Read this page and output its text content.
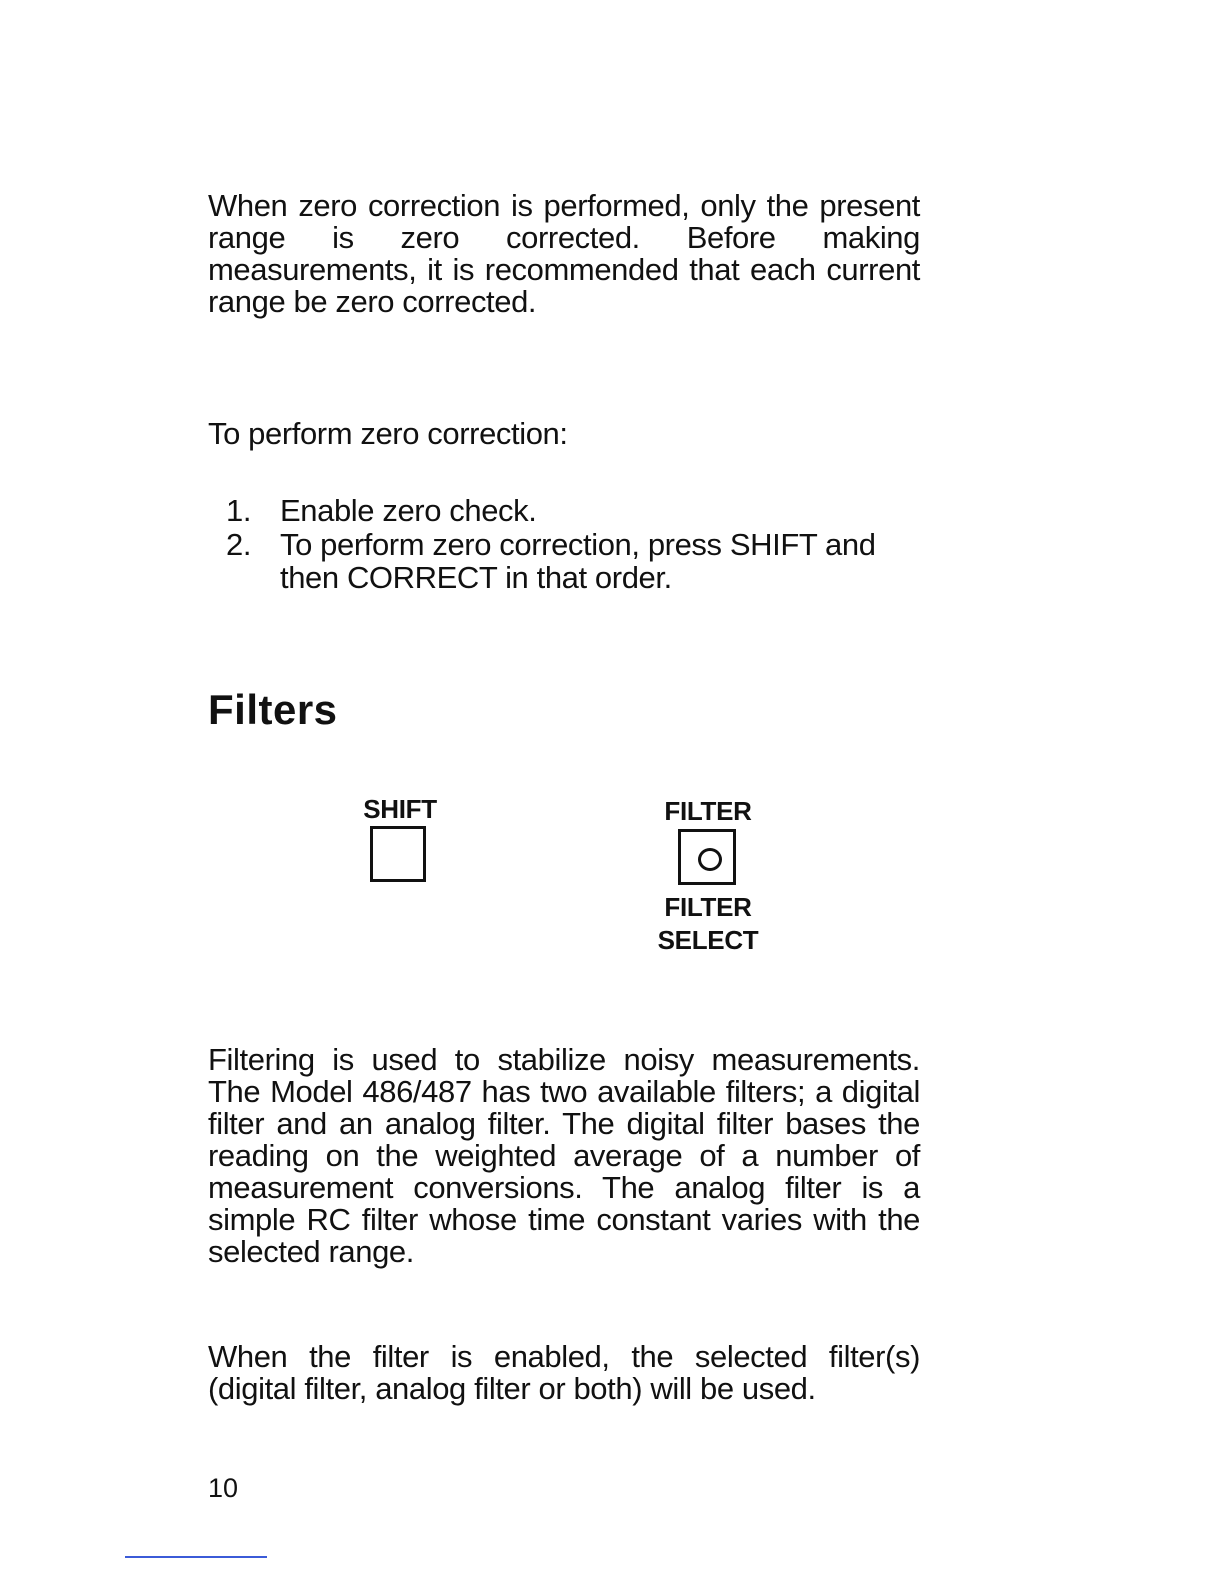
When zero correction is performed, only the present range is zero corrected. Before making measurements, it is recommended that each current range be zero corrected.

To perform zero correction:

1. Enable zero check.
2. To perform zero correction, press SHIFT and then CORRECT in that order.
Filters
SHIFT	FILTER
FILTER
SELECT

Filtering is used to stabilize noisy measurements. The Model 486/487 has two available filters; a digital filter and an analog filter. The digital filter bases the reading on the weighted average of a number of measurement conversions. The analog filter is a simple RC filter whose time constant varies with the selected range.

When the filter is enabled, the selected filter(s) (digital filter, analog filter or both) will be used.

10
